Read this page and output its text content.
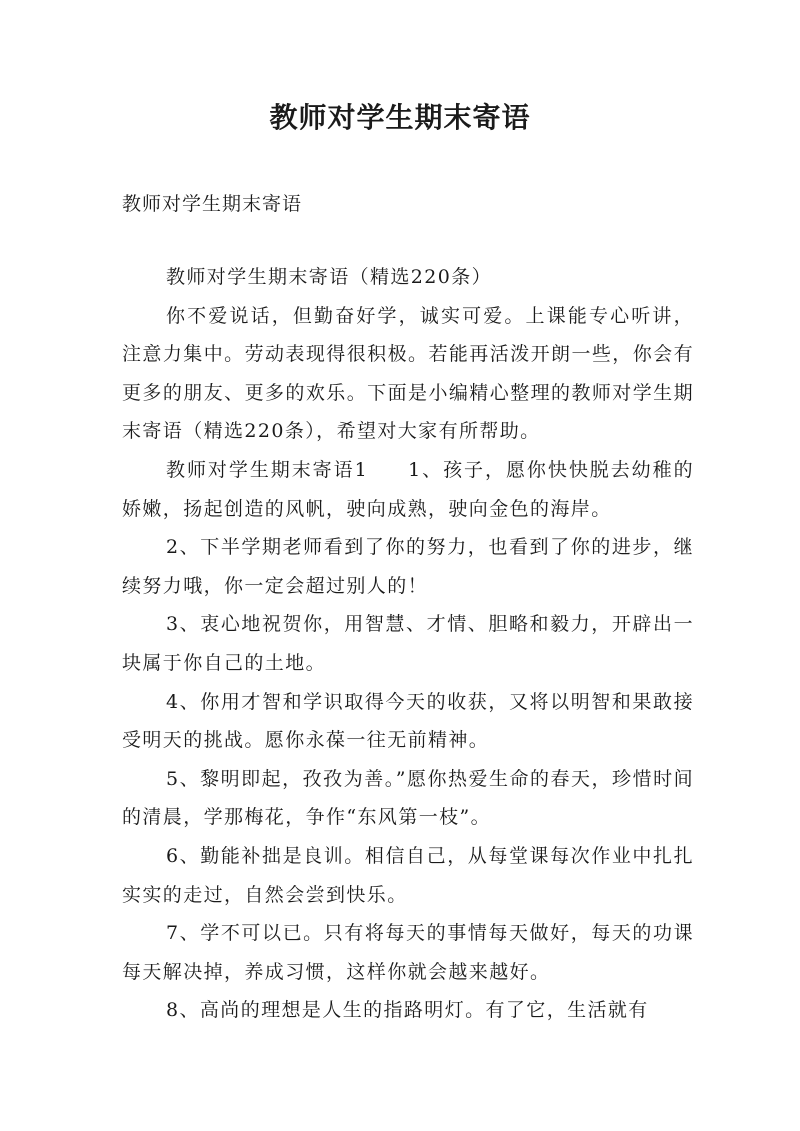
教师对学生期末寄语

教师对学生期末寄语

教师对学生期末寄语（精选220条）

你不爱说话，但勤奋好学，诚实可爱。上课能专心听讲，注意力集中。劳动表现得很积极。若能再活泼开朗一些，你会有更多的朋友、更多的欢乐。下面是小编精心整理的教师对学生期末寄语（精选220条），希望对大家有所帮助。

教师对学生期末寄语1 1、孩子，愿你快快脱去幼稚的娇嫩，扬起创造的风帆，驶向成熟，驶向金色的海岸。

2、下半学期老师看到了你的努力，也看到了你的进步，继续努力哦，你一定会超过别人的！

3、衷心地祝贺你，用智慧、才情、胆略和毅力，开辟出一块属于你自己的土地。

4、你用才智和学识取得今天的收获，又将以明智和果敢接受明天的挑战。愿你永葆一往无前精神。

5、黎明即起，孜孜为善。”愿你热爱生命的春天，珍惜时间的清晨，学那梅花，争作“东风第一枝”。

6、勤能补拙是良训。相信自己，从每堂课每次作业中扎扎实实的走过，自然会尝到快乐。

7、学不可以已。只有将每天的事情每天做好，每天的功课每天解决掉，养成习惯，这样你就会越来越好。

8、高尚的理想是人生的指路明灯。有了它，生活就有
